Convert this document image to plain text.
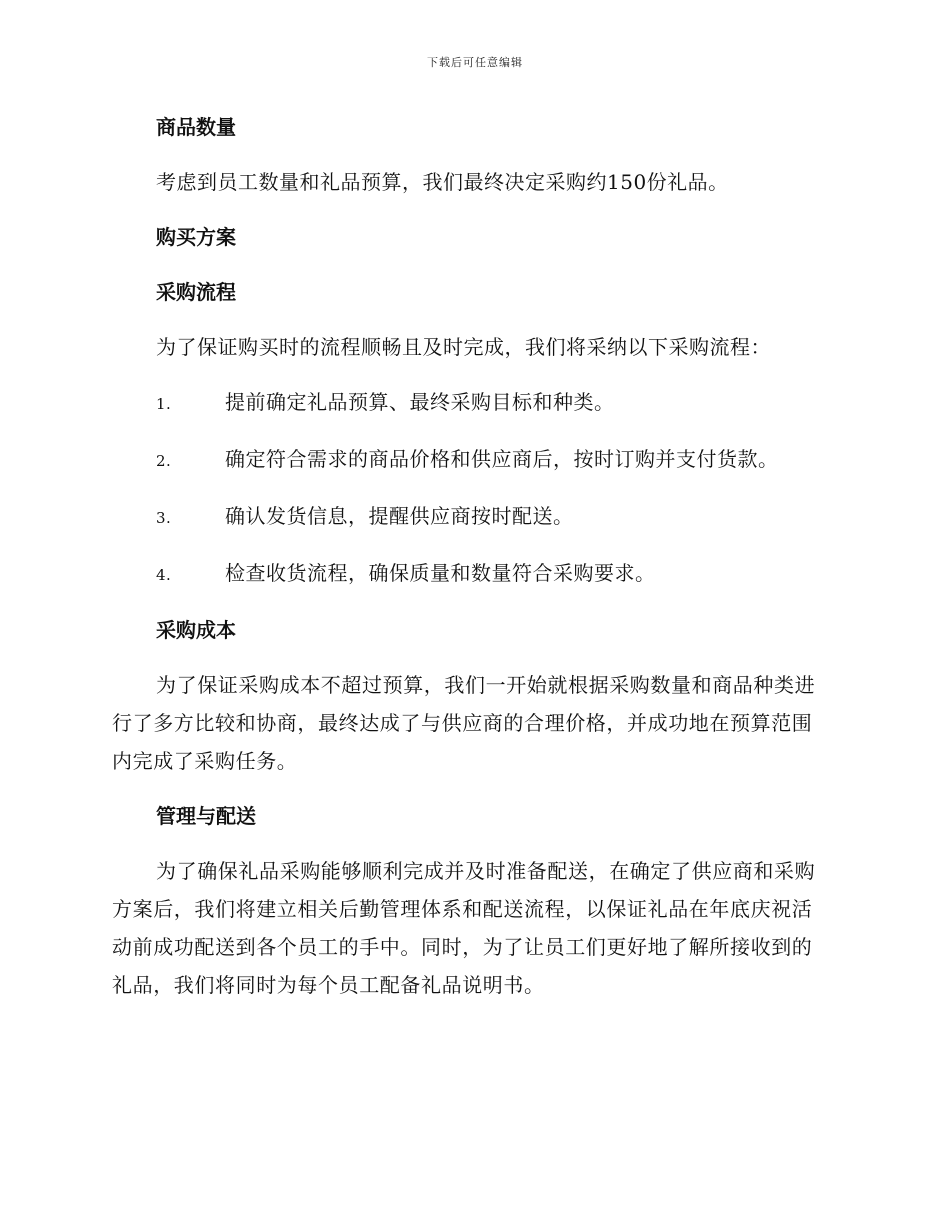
下载后可任意编辑
商品数量
考虑到员工数量和礼品预算，我们最终决定采购约150份礼品。
购买方案
采购流程
为了保证购买时的流程顺畅且及时完成，我们将采纳以下采购流程：
1.	提前确定礼品预算、最终采购目标和种类。
2.	确定符合需求的商品价格和供应商后，按时订购并支付货款。
3.	确认发货信息，提醒供应商按时配送。
4.	检查收货流程，确保质量和数量符合采购要求。
采购成本
为了保证采购成本不超过预算，我们一开始就根据采购数量和商品种类进行了多方比较和协商，最终达成了与供应商的合理价格，并成功地在预算范围内完成了采购任务。
管理与配送
为了确保礼品采购能够顺利完成并及时准备配送，在确定了供应商和采购方案后，我们将建立相关后勤管理体系和配送流程，以保证礼品在年底庆祝活动前成功配送到各个员工的手中。同时，为了让员工们更好地了解所接收到的礼品，我们将同时为每个员工配备礼品说明书。
